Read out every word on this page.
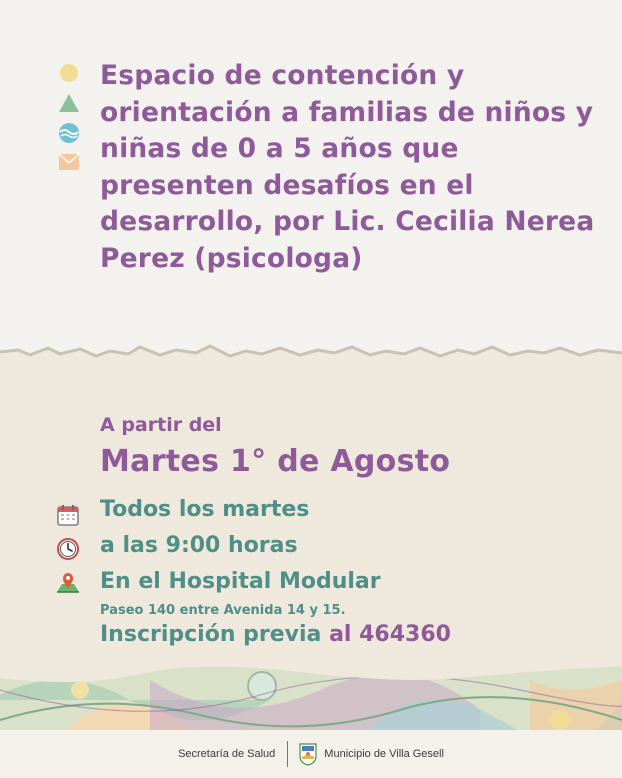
Espacio de contención y orientación a familias de niños y niñas de 0 a 5 años que presenten desafíos en el desarrollo, por Lic. Cecilia Nerea Perez (psicologa)

A partir del

Martes 1° de Agosto

Todos los martes

a las 9:00 horas

En el Hospital Modular

Paseo 140 entre Avenida 14 y 15.

Inscripción previa al 464360

Secretaría de Salud	Municipio de Villa Gesell
